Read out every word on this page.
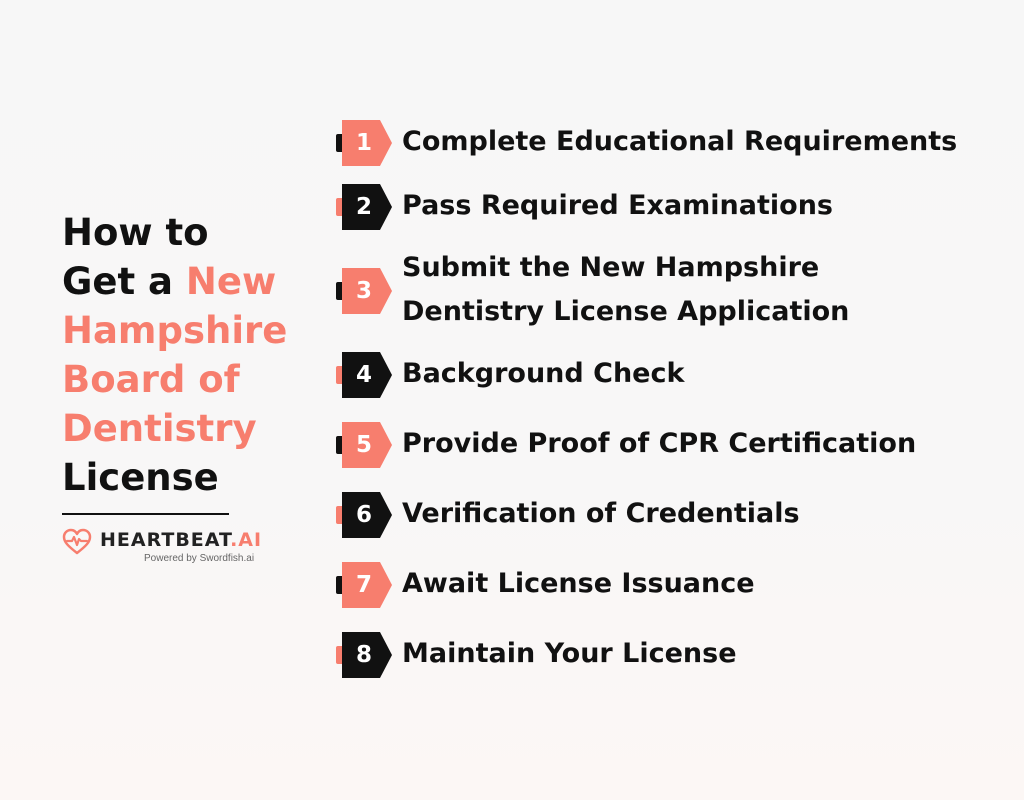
How to
Get a New
Hampshire
Board of
Dentistry
License
HEARTBEAT.AI
Powered by Swordfish.ai
1	Complete Educational Requirements
2	Pass Required Examinations
3
Submit the New Hampshire
Dentistry License Application
4	Background Check
5	Provide Proof of CPR Certification
6	Verification of Credentials
7	Await License Issuance
8	Maintain Your License
